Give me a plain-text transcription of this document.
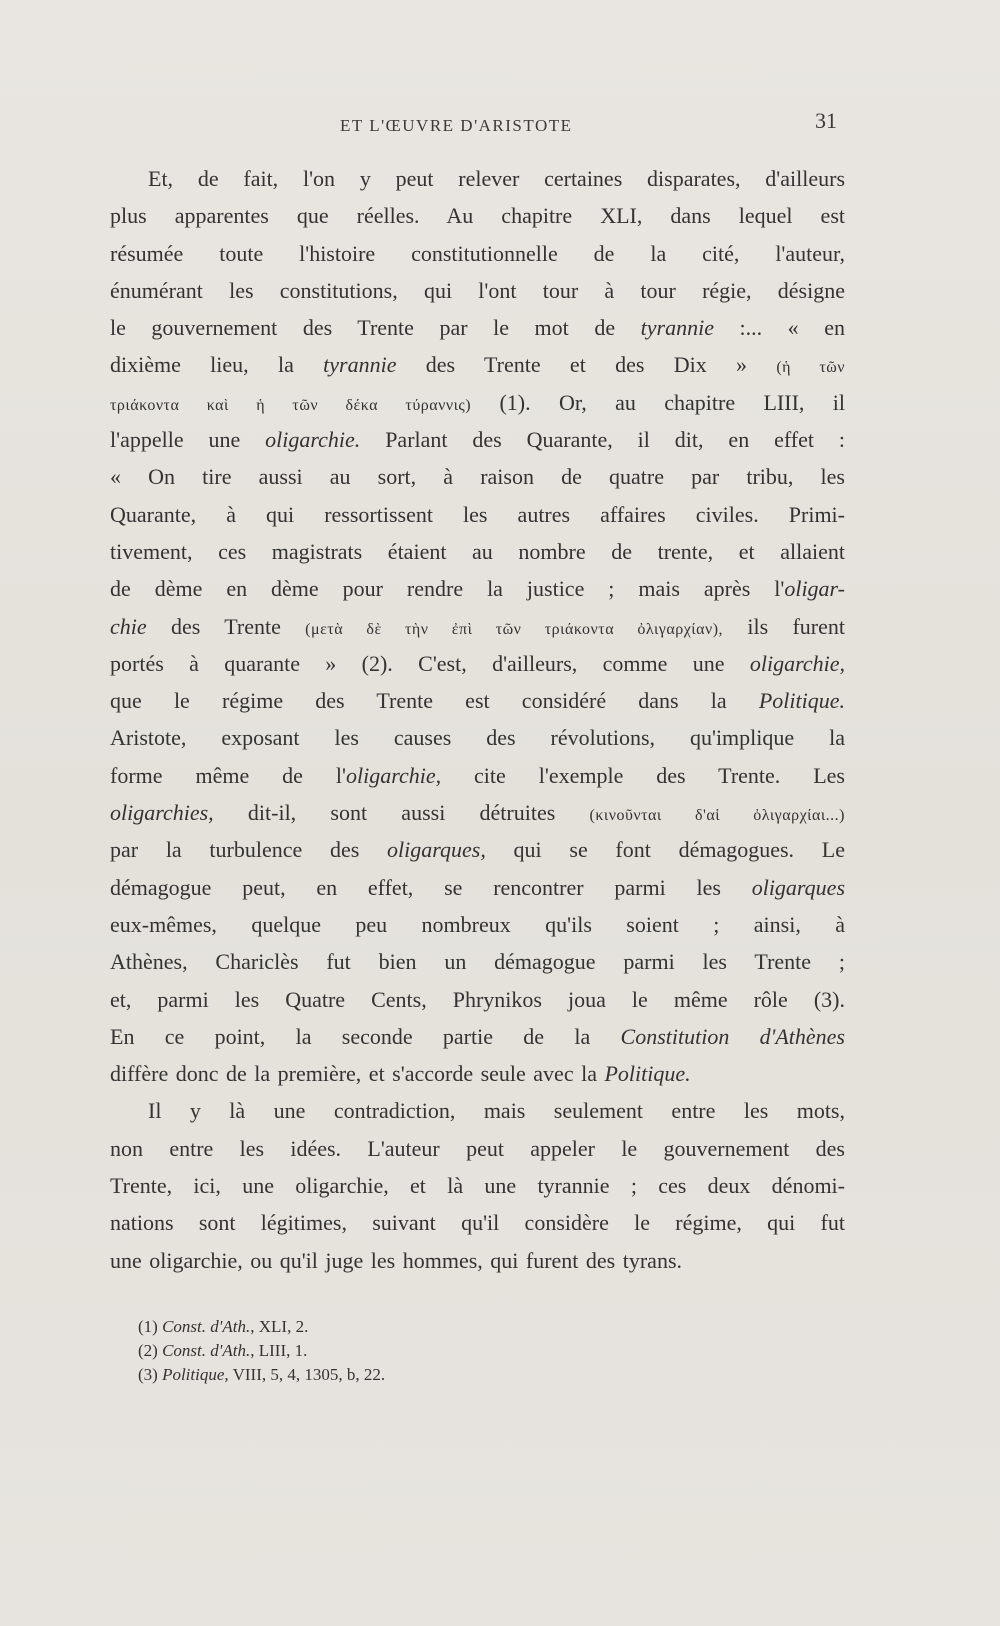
ET L'ŒUVRE D'ARISTOTE	31
Et, de fait, l'on y peut relever certaines disparates, d'ailleurs
plus apparentes que réelles. Au chapitre XLI, dans lequel est
résumée toute l'histoire constitutionnelle de la cité, l'auteur,
énumérant les constitutions, qui l'ont tour à tour régie, désigne
le gouvernement des Trente par le mot de tyrannie :... « en
dixième lieu, la tyrannie des Trente et des Dix » (ἡ τῶν
τριάκοντα καὶ ἡ τῶν δέκα τύραννις) (1). Or, au chapitre LIII, il
l'appelle une oligarchie. Parlant des Quarante, il dit, en effet :
« On tire aussi au sort, à raison de quatre par tribu, les
Quarante, à qui ressortissent les autres affaires civiles. Primi-
tivement, ces magistrats étaient au nombre de trente, et allaient
de dème en dème pour rendre la justice ; mais après l'oligar-
chie des Trente (μετὰ δὲ τὴν ἐπὶ τῶν τριάκοντα ὀλιγαρχίαν), ils furent
portés à quarante » (2). C'est, d'ailleurs, comme une oligarchie,
que le régime des Trente est considéré dans la Politique.
Aristote, exposant les causes des révolutions, qu'implique la
forme même de l'oligarchie, cite l'exemple des Trente. Les
oligarchies, dit-il, sont aussi détruites (κινοῦνται δ'αἱ ὀλιγαρχίαι...)
par la turbulence des oligarques, qui se font démagogues. Le
démagogue peut, en effet, se rencontrer parmi les oligarques
eux-mêmes, quelque peu nombreux qu'ils soient ; ainsi, à
Athènes, Chariclès fut bien un démagogue parmi les Trente ;
et, parmi les Quatre Cents, Phrynikos joua le même rôle (3).
En ce point, la seconde partie de la Constitution d'Athènes
diffère donc de la première, et s'accorde seule avec la Politique.
Il y là une contradiction, mais seulement entre les mots,
non entre les idées. L'auteur peut appeler le gouvernement des
Trente, ici, une oligarchie, et là une tyrannie ; ces deux dénomi-
nations sont légitimes, suivant qu'il considère le régime, qui fut
une oligarchie, ou qu'il juge les hommes, qui furent des tyrans.
(1) Const. d'Ath., XLI, 2.
(2) Const. d'Ath., LIII, 1.
(3) Politique, VIII, 5, 4, 1305, b, 22.
